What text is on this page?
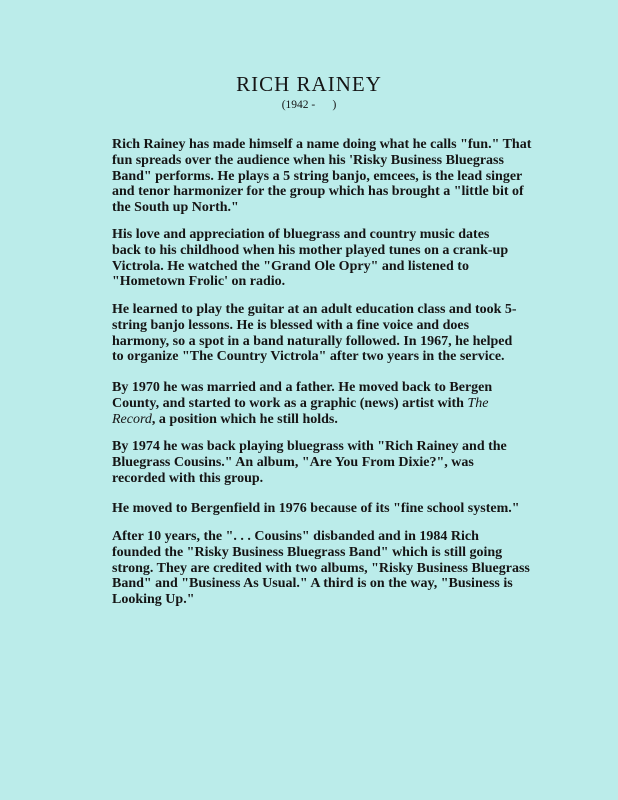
RICH RAINEY
(1942 -      )
Rich Rainey has made himself a name doing what he calls "fun." That
fun spreads over the audience when his 'Risky Business Bluegrass
Band" performs. He plays a 5 string banjo, emcees, is the lead singer
and tenor harmonizer for the group which has brought a "little bit of
the South up North."
His love and appreciation of bluegrass and country music dates
back to his childhood when his mother played tunes on a crank-up
Victrola. He watched the "Grand Ole Opry" and listened to
"Hometown Frolic' on radio.
He learned to play the guitar at an adult education class and took 5-
string banjo lessons. He is blessed with a fine voice and does
harmony, so a spot in a band naturally followed. In 1967, he helped
to organize "The Country Victrola" after two years in the service.
By 1970 he was married and a father. He moved back to Bergen
County, and started to work as a graphic (news) artist with The
Record, a position which he still holds.
By 1974 he was back playing bluegrass with "Rich Rainey and the
Bluegrass Cousins." An album, "Are You From Dixie?", was
recorded with this group.
He moved to Bergenfield in 1976 because of its "fine school system."
After 10 years, the ". . . Cousins" disbanded and in 1984 Rich
founded the "Risky Business Bluegrass Band" which is still going
strong. They are credited with two albums, "Risky Business Bluegrass
Band" and "Business As Usual." A third is on the way, "Business is
Looking Up."
